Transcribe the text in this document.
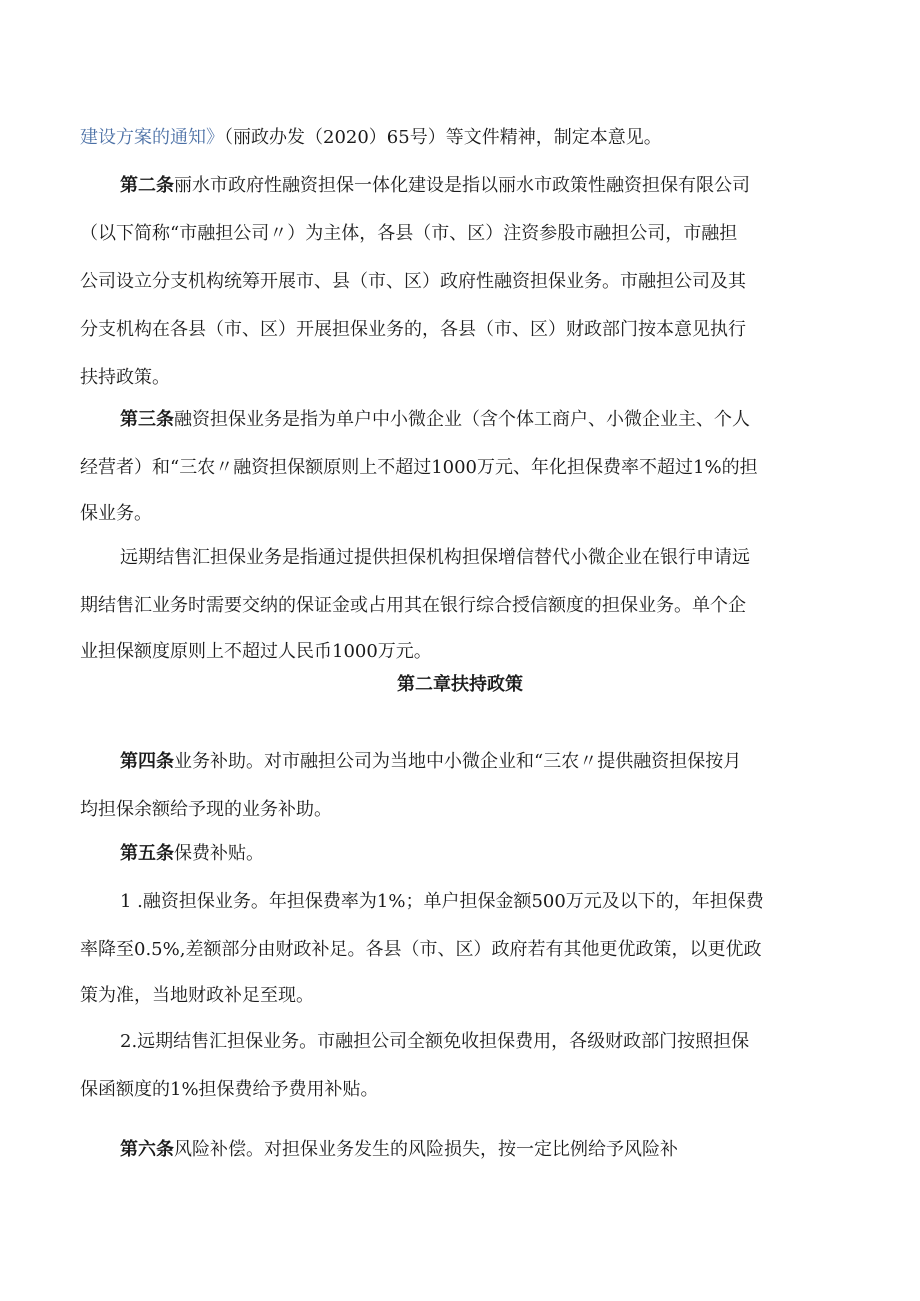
建设方案的通知》（丽政办发（2020）65号）等文件精神，制定本意见。
第二条丽水市政府性融资担保一体化建设是指以丽水市政策性融资担保有限公司
（以下简称“市融担公司〃）为主体，各县（市、区）注资参股市融担公司，市融担
公司设立分支机构统筹开展市、县（市、区）政府性融资担保业务。市融担公司及其
分支机构在各县（市、区）开展担保业务的，各县（市、区）财政部门按本意见执行
扶持政策。
第三条融资担保业务是指为单户中小微企业（含个体工商户、小微企业主、个人
经营者）和“三农〃融资担保额原则上不超过1000万元、年化担保费率不超过1%的担
保业务。
远期结售汇担保业务是指通过提供担保机构担保增信替代小微企业在银行申请远
期结售汇业务时需要交纳的保证金或占用其在银行综合授信额度的担保业务。单个企
业担保额度原则上不超过人民币1000万元。
第二章扶持政策
第四条业务补助。对市融担公司为当地中小微企业和“三农〃提供融资担保按月
均担保余额给予现的业务补助。
第五条保费补贴。
1 .融资担保业务。年担保费率为1%；单户担保金额500万元及以下的，年担保费
率降至0.5%,差额部分由财政补足。各县（市、区）政府若有其他更优政策，以更优政
策为准，当地财政补足至现。
2.远期结售汇担保业务。市融担公司全额免收担保费用，各级财政部门按照担保
保函额度的1%担保费给予费用补贴。
第六条风险补偿。对担保业务发生的风险损失，按一定比例给予风险补
